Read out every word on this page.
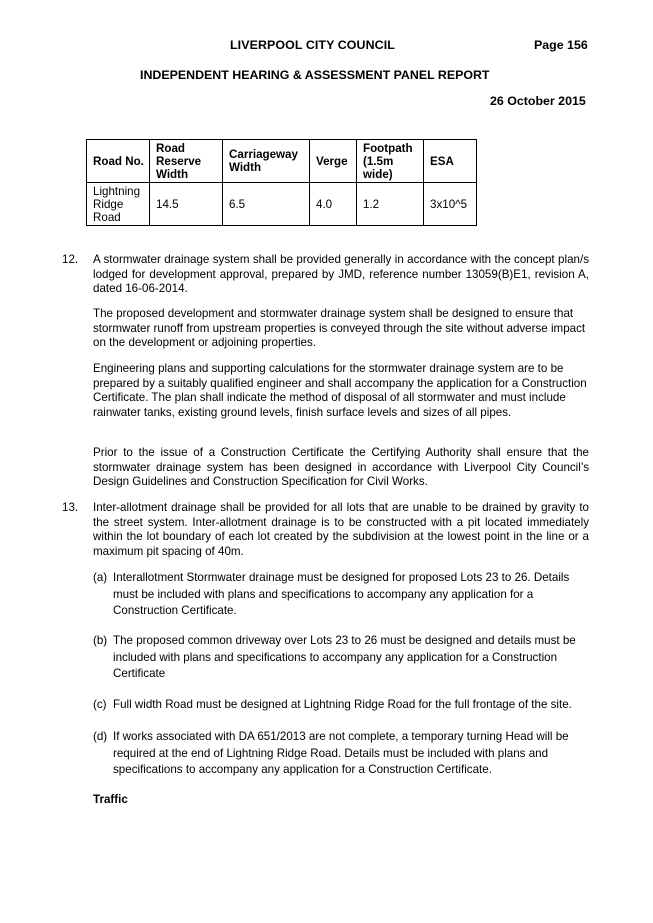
LIVERPOOL CITY COUNCIL	Page 156
INDEPENDENT HEARING & ASSESSMENT PANEL REPORT
26 October 2015
Road No.	Road Reserve Width	Carriageway Width	Verge	Footpath (1.5m wide)	ESA
Lightning Ridge Road	14.5	6.5	4.0	1.2	3x10^5
12. A stormwater drainage system shall be provided generally in accordance with the concept plan/s lodged for development approval, prepared by JMD, reference number 13059(B)E1, revision A, dated 16-06-2014.
The proposed development and stormwater drainage system shall be designed to ensure that stormwater runoff from upstream properties is conveyed through the site without adverse impact on the development or adjoining properties.
Engineering plans and supporting calculations for the stormwater drainage system are to be prepared by a suitably qualified engineer and shall accompany the application for a Construction Certificate. The plan shall indicate the method of disposal of all stormwater and must include rainwater tanks, existing ground levels, finish surface levels and sizes of all pipes.
Prior to the issue of a Construction Certificate the Certifying Authority shall ensure that the stormwater drainage system has been designed in accordance with Liverpool City Council’s Design Guidelines and Construction Specification for Civil Works.
13. Inter-allotment drainage shall be provided for all lots that are unable to be drained by gravity to the street system. Inter-allotment drainage is to be constructed with a pit located immediately within the lot boundary of each lot created by the subdivision at the lowest point in the line or a maximum pit spacing of 40m.
(a) Interallotment Stormwater drainage must be designed for proposed Lots 23 to 26. Details must be included with plans and specifications to accompany any application for a Construction Certificate.
(b) The proposed common driveway over Lots 23 to 26 must be designed and details must be included with plans and specifications to accompany any application for a Construction Certificate
(c) Full width Road must be designed at Lightning Ridge Road for the full frontage of the site.
(d) If works associated with DA 651/2013 are not complete, a temporary turning Head will be required at the end of Lightning Ridge Road. Details must be included with plans and specifications to accompany any application for a Construction Certificate.
Traffic
